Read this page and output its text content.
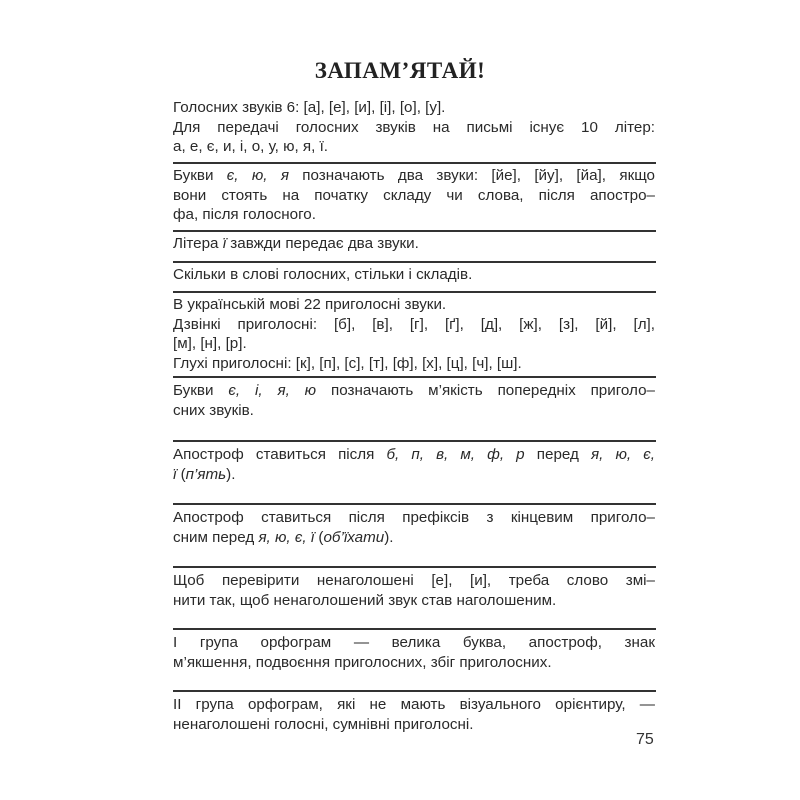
ЗАПАМ’ЯТАЙ!
Голосних звуків 6: [а], [е], [и], [і], [о], [у].
Для передачі голосних звуків на письмі існує 10 літер:
а, е, є, и, і, о, у, ю, я, ї.
Букви є, ю, я позначають два звуки: [йе], [йу], [йа], якщо
вони стоять на початку складу чи слова, після апостро–
фа, після голосного.
Літера ї завжди передає два звуки.
Скільки в слові голосних, стільки і складів.
В українській мові 22 приголосні звуки.
Дзвінкі приголосні: [б], [в], [г], [ґ], [д], [ж], [з], [й], [л],
[м], [н], [р].
Глухі приголосні: [к], [п], [с], [т], [ф], [х], [ц], [ч], [ш].
Букви є, і, я, ю позначають м’якість попередніх приголо–
сних звуків.
Апостроф ставиться після б, п, в, м, ф, р перед я, ю, є,
ї (п’ять).
Апостроф ставиться після префіксів з кінцевим приголо–
сним перед я, ю, є, ї (об’їхати).
Щоб перевірити ненаголошені [е], [и], треба слово змі–
нити так, щоб ненаголошений звук став наголошеним.
І група орфограм — велика буква, апостроф, знак
м’якшення, подвоєння приголосних, збіг приголосних.
ІІ група орфограм, які не мають візуального орієнтиру, —
ненаголошені голосні, сумнівні приголосні.
75
